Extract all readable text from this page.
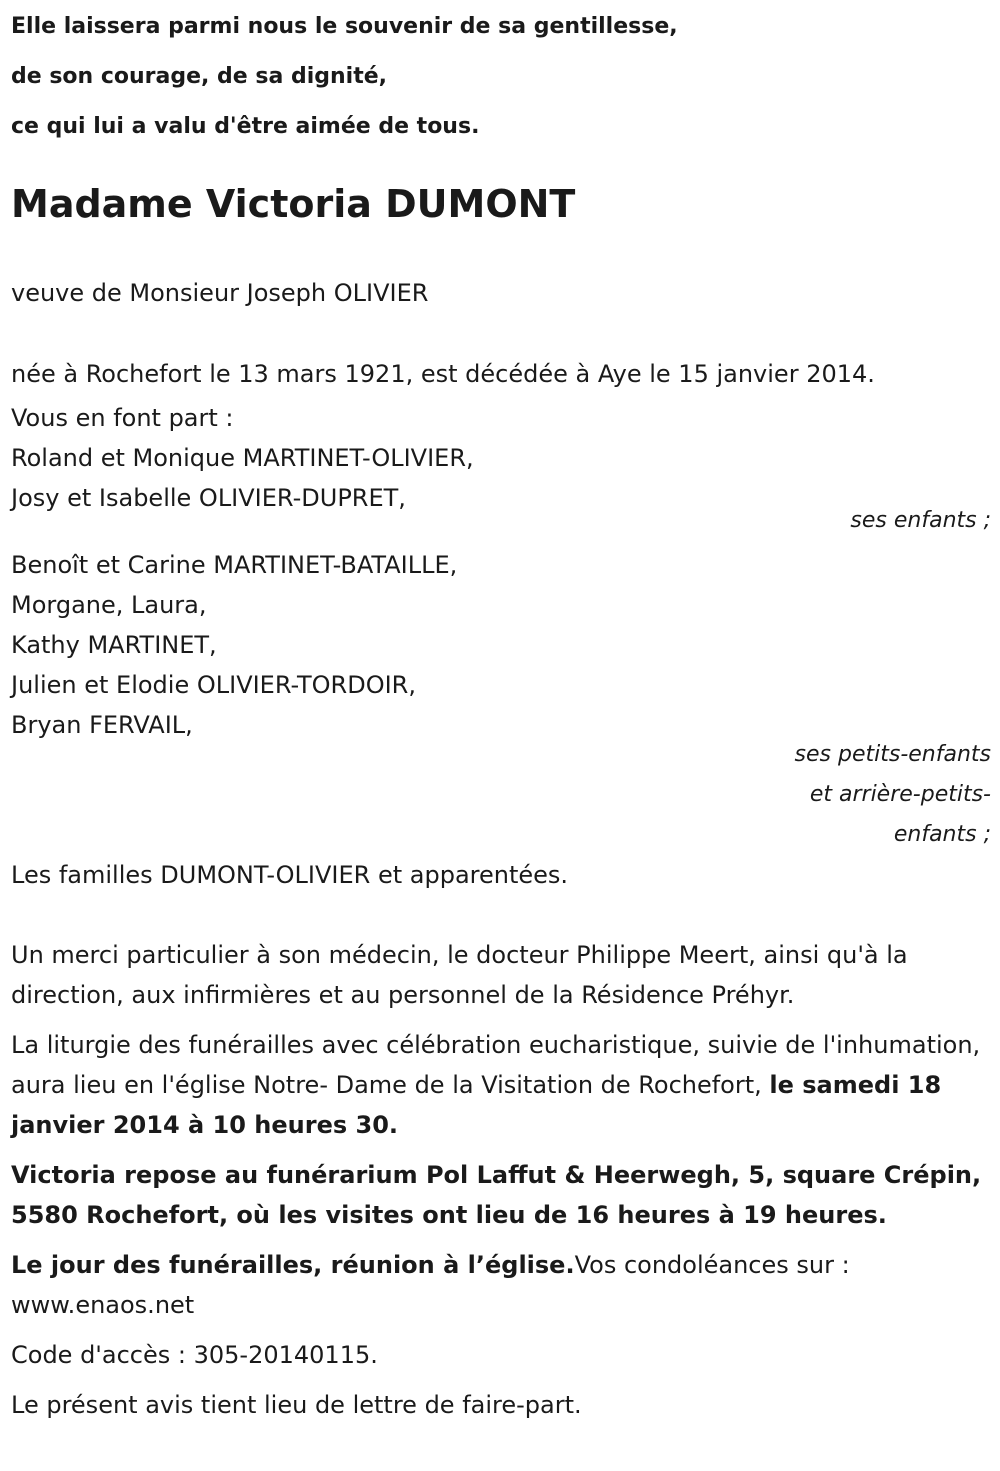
Elle laissera parmi nous le souvenir de sa gentillesse,
de son courage, de sa dignité,
ce qui lui a valu d'être aimée de tous.
Madame Victoria DUMONT

veuve de Monsieur Joseph OLIVIER

née à Rochefort le 13 mars 1921, est décédée à Aye le 15 janvier 2014.

Vous en font part :

Roland et Monique MARTINET-OLIVIER,

Josy et Isabelle OLIVIER-DUPRET,

ses enfants ;

Benoît et Carine MARTINET-BATAILLE,

Morgane, Laura,

Kathy MARTINET,

Julien et Elodie OLIVIER-TORDOIR,

Bryan FERVAIL,

ses petits-enfants
et arrière-petits-
enfants ;

Les familles DUMONT-OLIVIER et apparentées.

Un merci particulier à son médecin, le docteur Philippe Meert, ainsi qu'à la direction, aux infirmières et au personnel de la Résidence Préhyr.

La liturgie des funérailles avec célébration eucharistique, suivie de l'inhumation, aura lieu en l'église Notre- Dame de la Visitation de Rochefort, le samedi 18 janvier 2014 à 10 heures 30.

Victoria repose au funérarium Pol Laffut & Heerwegh, 5, square Crépin, 5580 Rochefort, où les visites ont lieu de 16 heures à 19 heures.

Le jour des funérailles, réunion à l’église.Vos condoléances sur : www.enaos.net

Code d'accès : 305-20140115.

Le présent avis tient lieu de lettre de faire-part.
